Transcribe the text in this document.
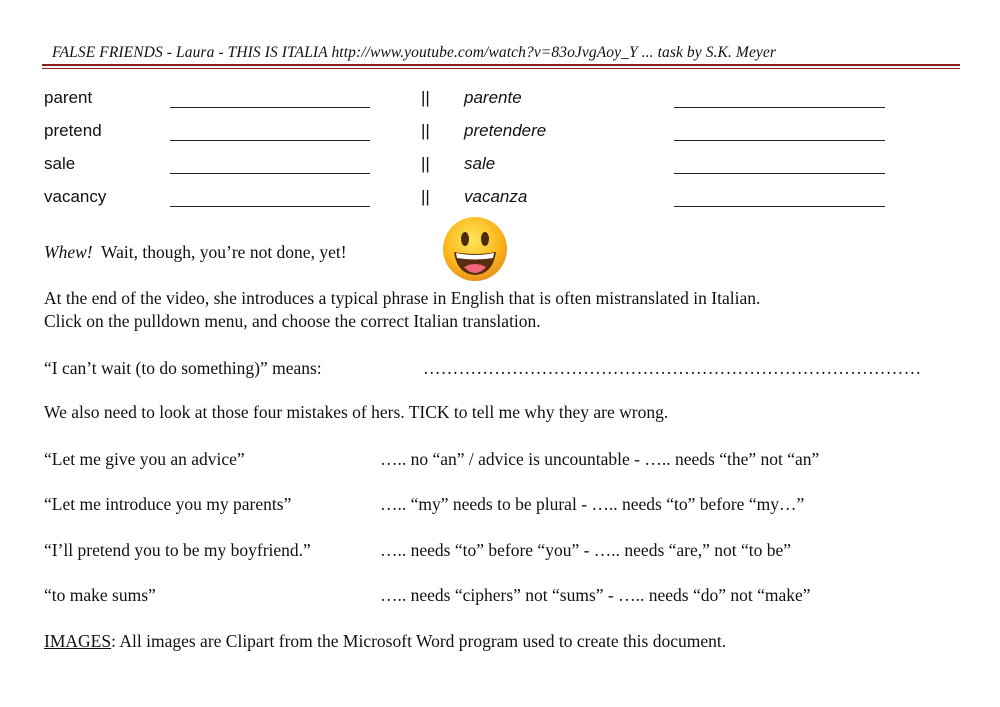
FALSE FRIENDS - Laura - THIS IS ITALIA http://www.youtube.com/watch?v=83oJvgAoy_Y ... task by S.K. Meyer
parent	|| parente
pretend	|| pretendere
sale	|| sale
vacancy	|| vacanza
Whew! Wait, though, you’re not done, yet!
At the end of the video, she introduces a typical phrase in English that is often mistranslated in Italian.
Click on the pulldown menu, and choose the correct Italian translation.
“I can’t wait (to do something)” means:	…………………………………………………………………………
We also need to look at those four mistakes of hers. TICK to tell me why they are wrong.
“Let me give you an advice”	….. no “an” / advice is uncountable - ….. needs “the” not “an”
“Let me introduce you my parents”	….. “my” needs to be plural - ….. needs “to” before “my…”
“I’ll pretend you to be my boyfriend.”	….. needs “to” before “you” - ….. needs “are,” not “to be”
“to make sums”	….. needs “ciphers” not “sums” - ….. needs “do” not “make”
IMAGES: All images are Clipart from the Microsoft Word program used to create this document.
